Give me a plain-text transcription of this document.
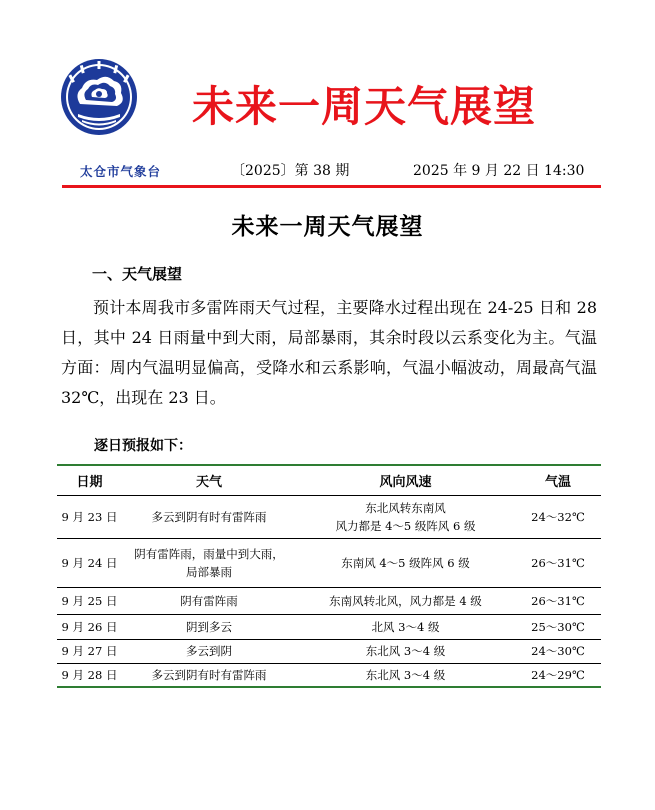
未来一周天气展望
太仓市气象台	〔2025〕第 38 期	2025 年 9 月 22 日 14:30
未来一周天气展望
一、天气展望

预计本周我市多雷阵雨天气过程，主要降水过程出现在 24-25 日和 28 日，其中 24 日雨量中到大雨，局部暴雨，其余时段以云系变化为主。气温方面：周内气温明显偏高，受降水和云系影响，气温小幅波动，周最高气温 32℃，出现在 23 日。

逐日预报如下：
日期	天气	风向风速	气温
9 月 23 日	多云到阴有时有雷阵雨	东北风转东南风
风力都是 4～5 级阵风 6 级	24～32℃
9 月 24 日	阴有雷阵雨，雨量中到大雨，
局部暴雨	东南风 4～5 级阵风 6 级	26～31℃
9 月 25 日	阴有雷阵雨	东南风转北风，风力都是 4 级	26～31℃
9 月 26 日	阴到多云	北风 3～4 级	25～30℃
9 月 27 日	多云到阴	东北风 3～4 级	24～30℃
9 月 28 日	多云到阴有时有雷阵雨	东北风 3～4 级	24～29℃
